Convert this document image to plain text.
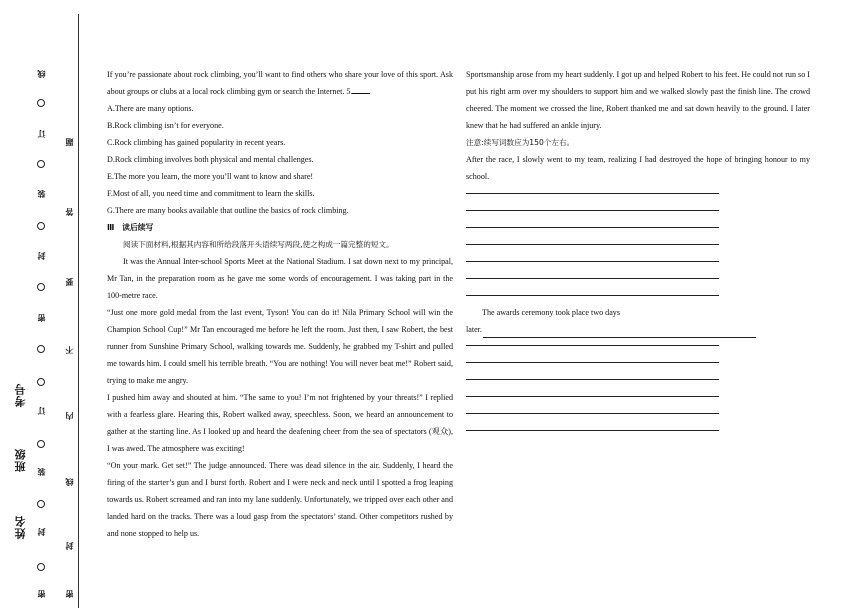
线
订
装
封
密
订
装
封
密
题
答
要
不
内
线
封
密
姓名
班级
考号

If you’re passionate about rock climbing, you’ll want to find others who share your love of this sport. Ask about groups or clubs at a local rock climbing gym or search the Internet. 5.

A.There are many options.

B.Rock climbing isn’t for everyone.

C.Rock climbing has gained popularity in recent years.

D.Rock climbing involves both physical and mental challenges.

E.The more you learn, the more you’ll want to know and share!

F.Most of all, you need time and commitment to learn the skills.

G.There are many books available that outline the basics of rock climbing.

Ⅲ　读后续写

阅读下面材料,根据其内容和所给段落开头语续写两段,使之构成一篇完整的短文。

It was the Annual Inter-school Sports Meet at the National Stadium. I sat down next to my principal, Mr Tan, in the preparation room as he gave me some words of encouragement. I was taking part in the 100-metre race.

“Just one more gold medal from the last event, Tyson! You can do it! Nila Primary School will win the Champion School Cup!” Mr Tan encouraged me before he left the room. Just then, I saw Robert, the best runner from Sunshine Primary School, walking towards me. Suddenly, he grabbed my T-shirt and pulled me towards him. I could smell his terrible breath. “You are nothing! You will never beat me!” Robert said, trying to make me angry.

I pushed him away and shouted at him. “The same to you! I’m not frightened by your threats!” I replied with a fearless glare. Hearing this, Robert walked away, speechless. Soon, we heard an announcement to gather at the starting line. As I looked up and heard the deafening cheer from the sea of spectators (观众), I was awed. The atmosphere was exciting!

“On your mark. Get set!” The judge announced. There was dead silence in the air. Suddenly, I heard the firing of the starter’s gun and I burst forth. Robert and I were neck and neck until I spotted a frog leaping towards us. Robert screamed and ran into my lane suddenly. Unfortunately, we tripped over each other and landed hard on the tracks. There was a loud gasp from the spectators’ stand. Other competitors rushed by and none stopped to help us.

Sportsmanship arose from my heart suddenly. I got up and helped Robert to his feet. He could not run so I put his right arm over my shoulders to support him and we walked slowly past the finish line. The crowd cheered. The moment we crossed the line, Robert thanked me and sat down heavily to the ground. I later knew that he had suffered an ankle injury.

注意:续写词数应为150个左右。

After the race, I slowly went to my team, realizing I had destroyed the hope of bringing honour to my school.

The awards ceremony took place two days

later.
